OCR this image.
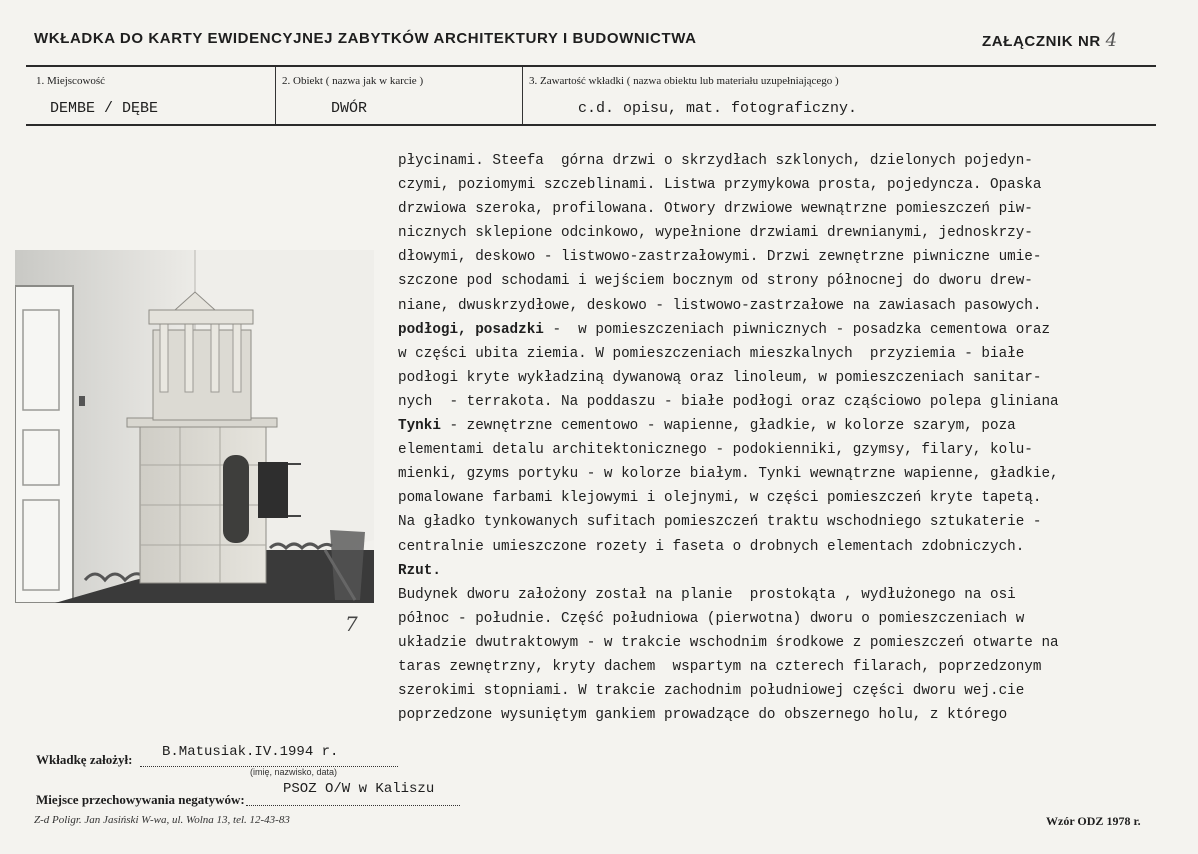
WKŁADKA DO KARTY EWIDENCYJNEJ ZABYTKÓW ARCHITEKTURY I BUDOWNICTWA	ZAŁĄCZNIK NR 4
1. Miejscowość
DEMBE / DĘBE
2. Obiekt ( nazwa jak w karcie )
DWÓR
3. Zawartość wkładki ( nazwa obiektu lub materiału uzupełniającego )
c.d. opisu, mat. fotograficzny.
7
płycinami. Steefa  górna drzwi o skrzydłach szklonych, dzielonych pojedyn-
czymi, poziomymi szczeblinami. Listwa przymykowa prosta, pojedyncza. Opaska
drzwiowa szeroka, profilowana. Otwory drzwiowe wewnątrzne pomieszczeń piw-
nicznych sklepione odcinkowo, wypełnione drzwiami drewnianymi, jednoskrzy-
dłowymi, deskowo - listwowo-zastrzałowymi. Drzwi zewnętrzne piwniczne umie-
szczone pod schodami i wejściem bocznym od strony północnej do dworu drew-
niane, dwuskrzydłowe, deskowo - listwowo-zastrzałowe na zawiasach pasowych.
podłogi, posadzki -  w pomieszczeniach piwnicznych - posadzka cementowa oraz
w części ubita ziemia. W pomieszczeniach mieszkalnych  przyziemia - białe
podłogi kryte wykładziną dywanową oraz linoleum, w pomieszczeniach sanitar-
nych  - terrakota. Na poddaszu - białe podłogi oraz cząściowo polepa gliniana
Tynki - zewnętrzne cementowo - wapienne, gładkie, w kolorze szarym, poza
elementami detalu architektonicznego - podokienniki, gzymsy, filary, kolu-
mienki, gzyms portyku - w kolorze białym. Tynki wewnątrzne wapienne, gładkie,
pomalowane farbami klejowymi i olejnymi, w części pomieszczeń kryte tapetą.
Na gładko tynkowanych sufitach pomieszczeń traktu wschodniego sztukaterie -
centralnie umieszczone rozety i faseta o drobnych elementach zdobniczych.
Rzut.
Budynek dworu założony został na planie  prostokąta , wydłużonego na osi
północ - południe. Część południowa (pierwotna) dworu o pomieszczeniach w
układzie dwutraktowym - w trakcie wschodnim środkowe z pomieszczeń otwarte na
taras zewnętrzny, kryty dachem  wspartym na czterech filarach, poprzedzonym
szerokimi stopniami. W trakcie zachodnim południowej części dworu wej.cie
poprzedzone wysuniętym gankiem prowadzące do obszernego holu, z którego
Wkładkę założył: B.Matusiak.IV.1994 r.
(imię, nazwisko, data)
Miejsce przechowywania negatywów:
PSOZ O/W w Kaliszu
Z-d Poligr. Jan Jasiński W-wa, ul. Wolna 13, tel. 12-43-83	Wzór ODZ 1978 r.
